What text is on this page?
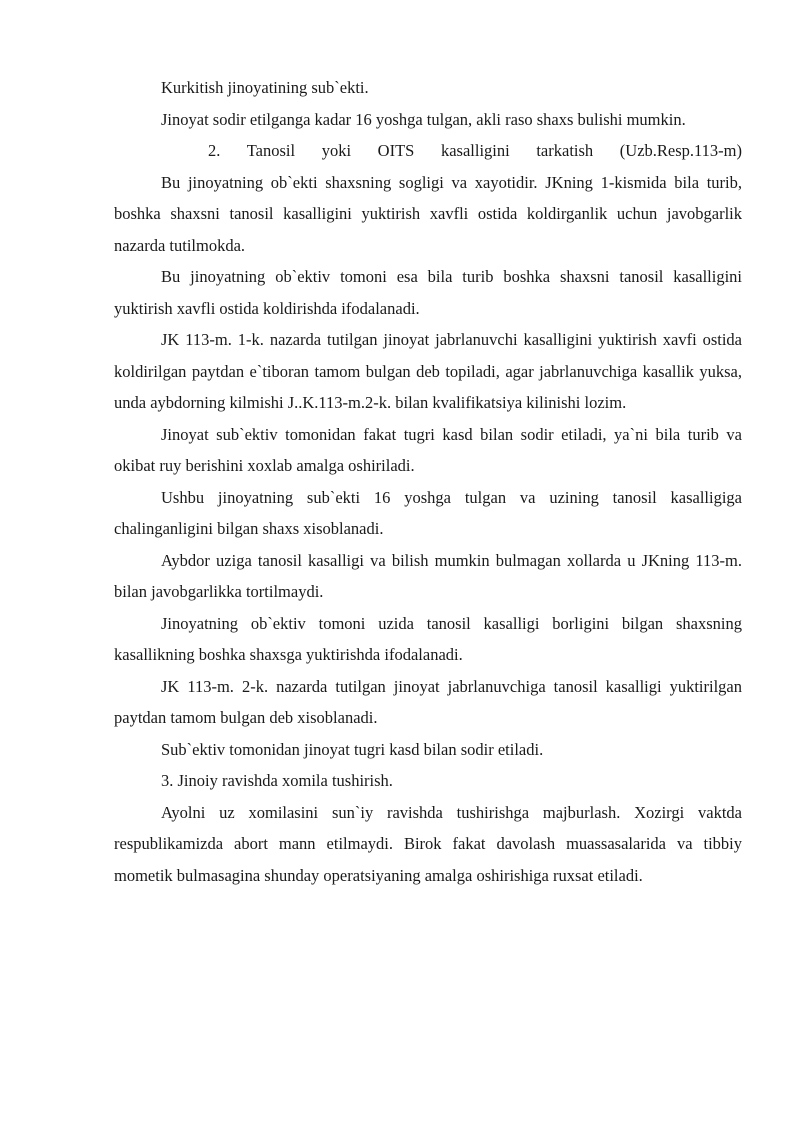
Kurkitish jinoyatining sub`ekti.

Jinoyat sodir etilganga kadar 16 yoshga tulgan, akli raso shaxs bulishi mumkin.

2. Tanosil yoki OITS kasalligini tarkatish (Uzb.Resp.113-m)

Bu jinoyatning ob`ekti shaxsning sogligi va xayotidir. JKning 1-kismida bila turib, boshka shaxsni tanosil kasalligini yuktirish xavfli ostida koldirganlik uchun javobgarlik nazarda tutilmokda.

Bu jinoyatning ob`ektiv tomoni esa bila turib boshka shaxsni tanosil kasalligini yuktirish xavfli ostida koldirishda ifodalanadi.

JK 113-m. 1-k. nazarda tutilgan jinoyat jabrlanuvchi kasalligini yuktirish xavfi ostida koldirilgan paytdan e`tiboran tamom bulgan deb topiladi, agar jabrlanuvchiga kasallik yuksa, unda aybdorning kilmishi J..K.113-m.2-k. bilan kvalifikatsiya kilinishi lozim.

Jinoyat sub`ektiv tomonidan fakat tugri kasd bilan sodir etiladi, ya`ni bila turib va okibat ruy berishini xoxlab amalga oshiriladi.

Ushbu jinoyatning sub`ekti 16 yoshga tulgan va uzining tanosil kasalligiga chalinganligini bilgan shaxs xisoblanadi.

Aybdor uziga tanosil kasalligi va bilish mumkin bulmagan xollarda u JKning 113-m. bilan javobgarlikka tortilmaydi.

Jinoyatning ob`ektiv tomoni uzida tanosil kasalligi borligini bilgan shaxsning kasallikning boshka shaxsga yuktirishda ifodalanadi.

JK 113-m. 2-k. nazarda tutilgan jinoyat jabrlanuvchiga tanosil kasalligi yuktirilgan paytdan tamom bulgan deb xisoblanadi.

Sub`ektiv tomonidan jinoyat tugri kasd bilan sodir etiladi.

3. Jinoiy ravishda xomila tushirish.

Ayolni uz xomilasini sun`iy ravishda tushirishga majburlash. Xozirgi vaktda respublikamizda abort mann etilmaydi. Birok fakat davolash muassasalarida va tibbiy mometik bulmasagina shunday operatsiyaning amalga oshirishiga ruxsat etiladi.
